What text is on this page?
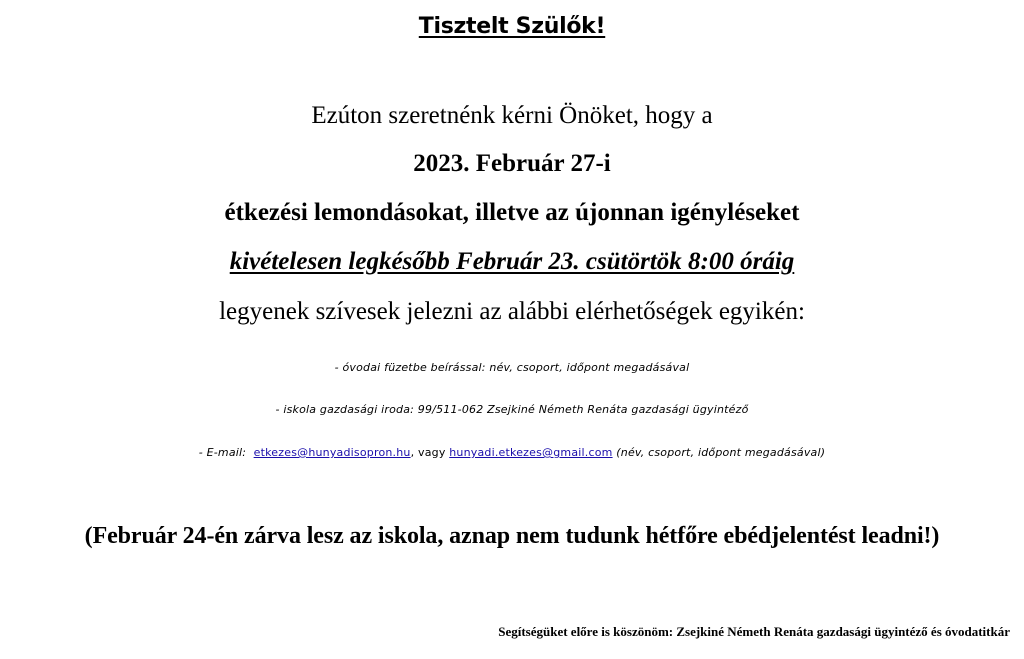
Tisztelt Szülők!
Ezúton szeretnénk kérni Önöket, hogy a
2023. Február 27-i
étkezési lemondásokat, illetve az újonnan igényléseket
kivételesen legkésőbb Február 23. csütörtök 8:00 óráig
legyenek szívesek jelezni az alábbi elérhetőségek egyikén:
- óvodai füzetbe beírással: név, csoport, időpont megadásával
- iskola gazdasági iroda: 99/511-062 Zsejkiné Németh Renáta gazdasági ügyintéző
- E-mail: etkezes@hunyadisopron.hu, vagy hunyadi.etkezes@gmail.com (név, csoport, időpont megadásával)
(Február 24-én zárva lesz az iskola, aznap nem tudunk hétfőre ebédjelentést leadni!)
Segítségüket előre is köszönöm: Zsejkiné Németh Renáta gazdasági ügyintéző és óvodatitkár
